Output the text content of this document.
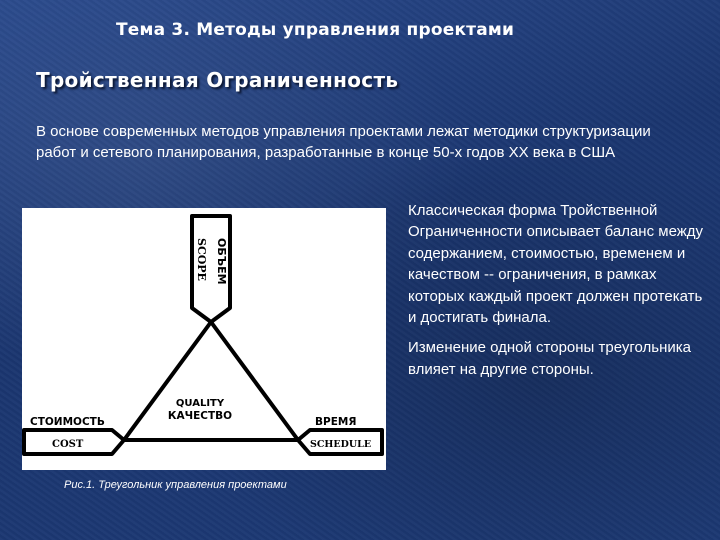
Тема 3. Методы управления проектами
Тройственная Ограниченность
В основе современных методов управления проектами лежат методики структуризации работ и сетевого планирования, разработанные в конце 50-х годов ХХ века в США
SCOPE ОБЪЕМ
QUALITY
КАЧЕСТВО
СТОИМОСТЬ
COST
ВРЕМЯ
SCHEDULE
Рис.1. Треугольник управления проектами

Классическая форма Тройственной Ограниченности описывает баланс между содержанием, стоимостью, временем и качеством -- ограничения, в рамках которых каждый проект должен протекать и достигать финала.

Изменение одной стороны треугольника влияет на другие стороны.
